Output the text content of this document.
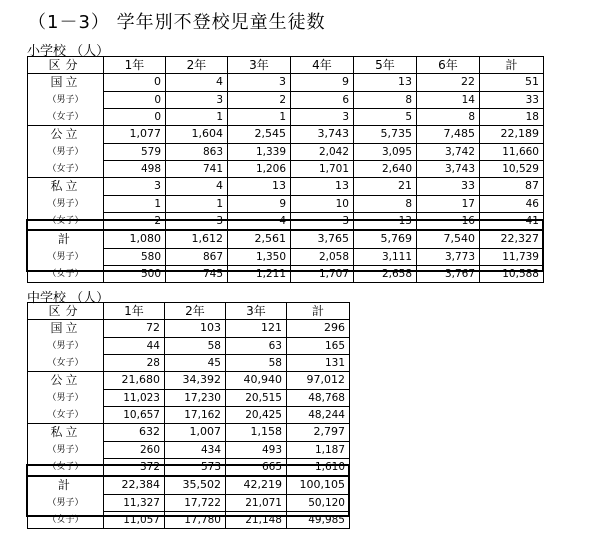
（1－3） 学年別不登校児童生徒数
小学校 （人）
区分	1年	2年	3年	4年	5年	6年	計
国立	0	4	3	9	13	22	51
（男子）	0	3	2	6	8	14	33
（女子）	0	1	1	3	5	8	18
公立	1,077	1,604	2,545	3,743	5,735	7,485	22,189
（男子）	579	863	1,339	2,042	3,095	3,742	11,660
（女子）	498	741	1,206	1,701	2,640	3,743	10,529
私立	3	4	13	13	21	33	87
（男子）	1	1	9	10	8	17	46
（女子）	2	3	4	3	13	16	41
計	1,080	1,612	2,561	3,765	5,769	7,540	22,327
（男子）	580	867	1,350	2,058	3,111	3,773	11,739
（女子）	500	745	1,211	1,707	2,658	3,767	10,588
中学校 （人）
区分	1年	2年	3年	計
国立	72	103	121	296
（男子）	44	58	63	165
（女子）	28	45	58	131
公立	21,680	34,392	40,940	97,012
（男子）	11,023	17,230	20,515	48,768
（女子）	10,657	17,162	20,425	48,244
私立	632	1,007	1,158	2,797
（男子）	260	434	493	1,187
（女子）	372	573	665	1,610
計	22,384	35,502	42,219	100,105
（男子）	11,327	17,722	21,071	50,120
（女子）	11,057	17,780	21,148	49,985
